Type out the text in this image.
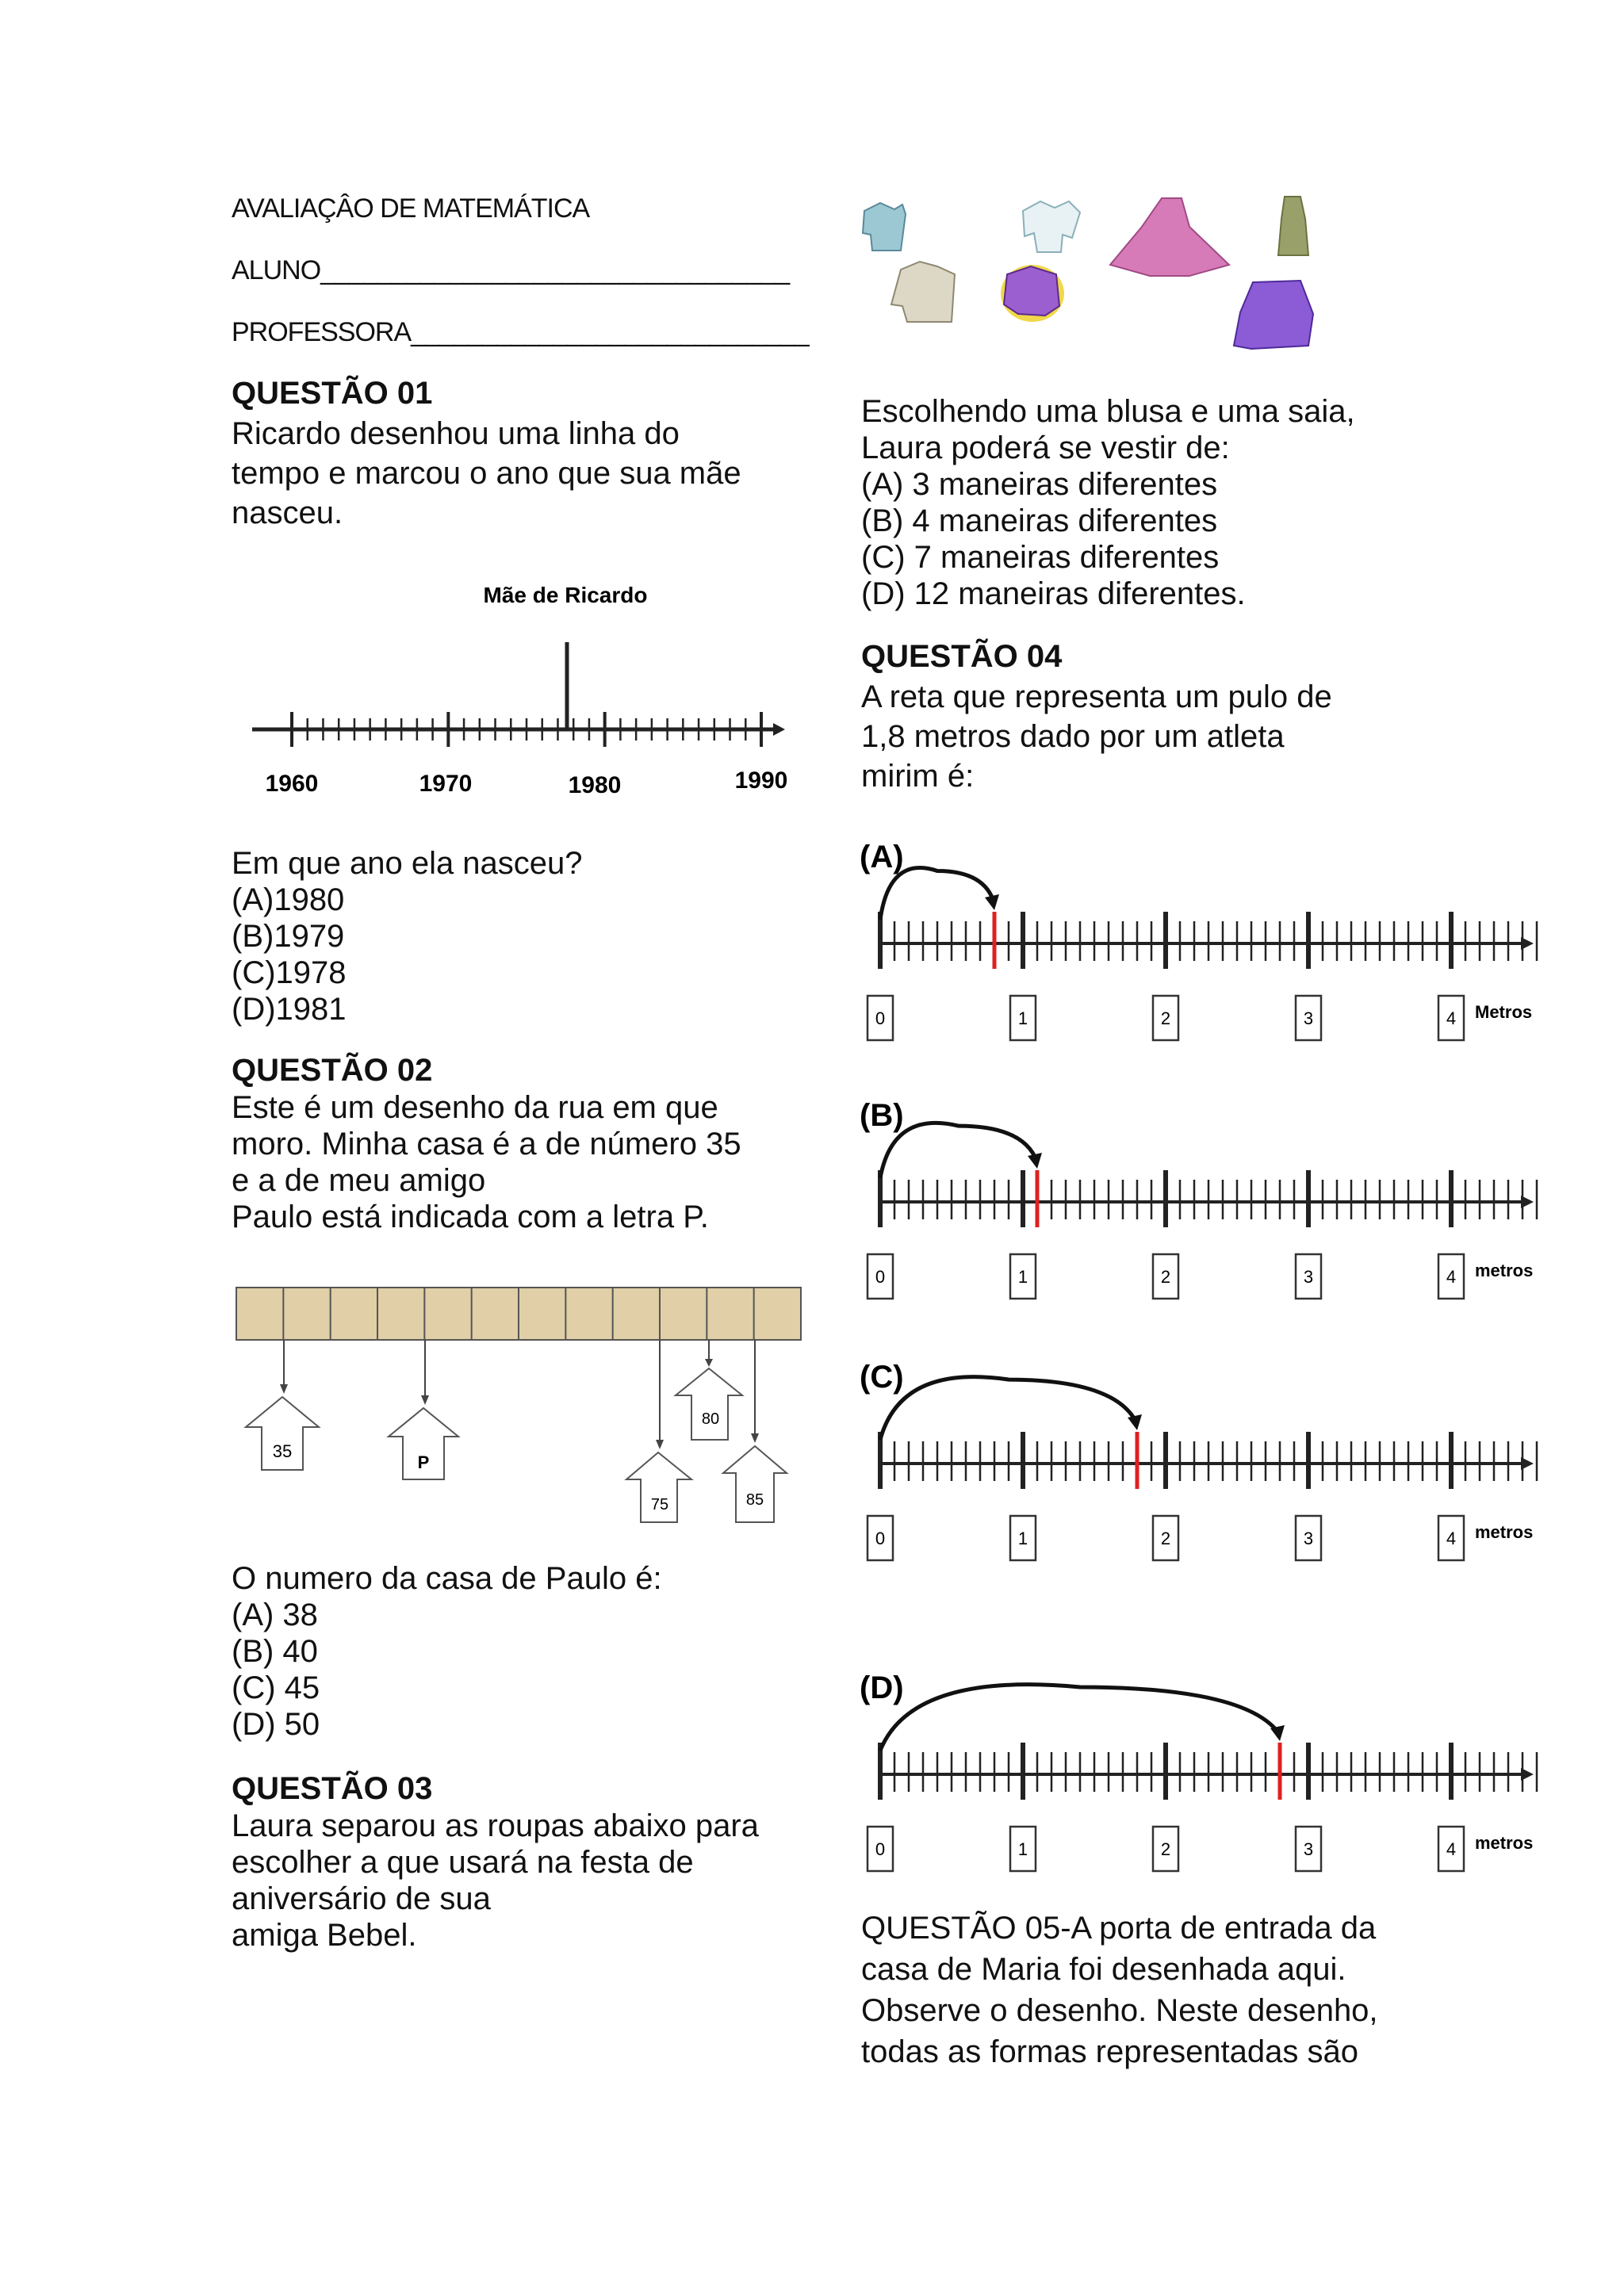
AVALIAÇÂO DE MATEMÁTICA
ALUNO_________________________________
PROFESSORA____________________________
QUESTÃO 01

Ricardo desenhou uma linha do

tempo e marcou o ano que sua mãe

nasceu.

Mãe de Ricardo
1960	1970	1980	1990

Em que ano ela nasceu?

(A)1980

(B)1979

(C)1978

(D)1981

QUESTÃO 02

Este é um desenho da rua em que

moro. Minha casa é a de número 35

e a de meu amigo

Paulo está indicada com a letra P.

35
P
75
80
85

O numero da casa de Paulo é:

(A) 38

(B) 40

(C) 45

(D) 50

QUESTÃO 03

Laura separou as roupas abaixo para

escolher a que usará na festa de

aniversário de sua

amiga Bebel.

Escolhendo uma blusa e uma saia,

Laura poderá se vestir de:

(A) 3 maneiras diferentes

(B) 4 maneiras diferentes

(C) 7 maneiras diferentes

(D) 12 maneiras diferentes.

QUESTÃO 04

A reta que representa um pulo de

1,8 metros dado por um atleta

mirim é:

(A)
0	1	2	3	4 Metros
(B)
0	1	2	3	4 metros
(C)
0	1	2	3	4 metros
(D)
0	1	2	3	4 metros

QUESTÃO 05-A porta de entrada da

casa de Maria foi desenhada aqui.

Observe o desenho. Neste desenho,

todas as formas representadas são
